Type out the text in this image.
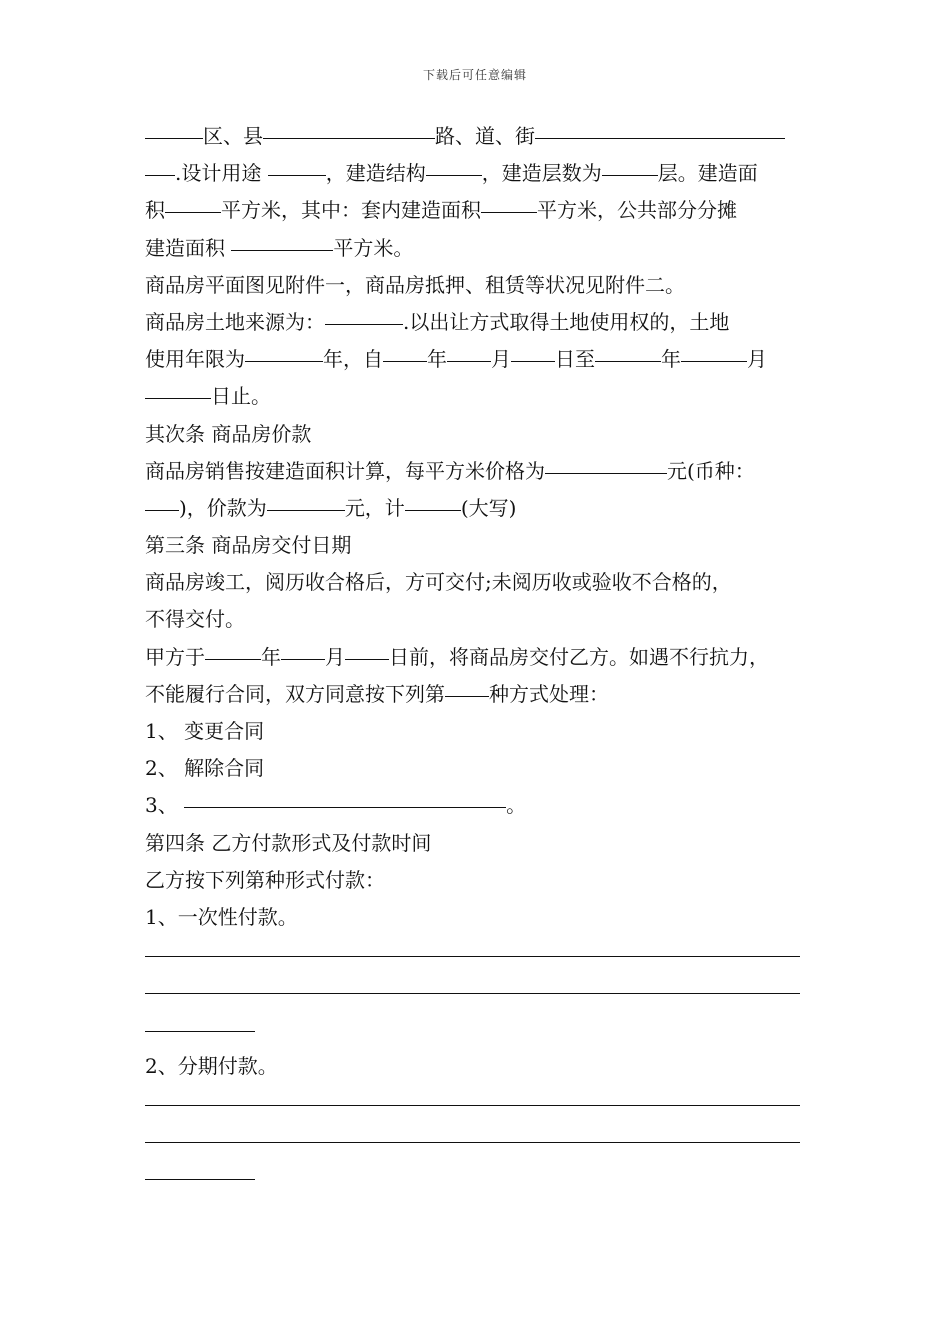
下载后可任意编辑
区、县	路、道、街
.设计用途	，建造结构	，建造层数为	层。建造面
积	平方米，其中：套内建造面积	平方米，公共部分分摊
建造面积	平方米。
商品房平面图见附件一，商品房抵押、租赁等状况见附件二。
商品房土地来源为：	.以出让方式取得土地使用权的，土地
使用年限为	年，自 年 月 日至	年	月
日止。
其次条 商品房价款
商品房销售按建造面积计算，每平方米价格为	元(币种：
)，价款为	元，计	(大写)
第三条 商品房交付日期
商品房竣工，阅历收合格后，方可交付;未阅历收或验收不合格的，
不得交付。
甲方于	年 月 日前，将商品房交付乙方。如遇不行抗力，
不能履行合同，双方同意按下列第 种方式处理：
1、 变更合同
2、 解除合同
3、	。
第四条 乙方付款形式及付款时间
乙方按下列第种形式付款：
1、一次性付款。
2、分期付款。
